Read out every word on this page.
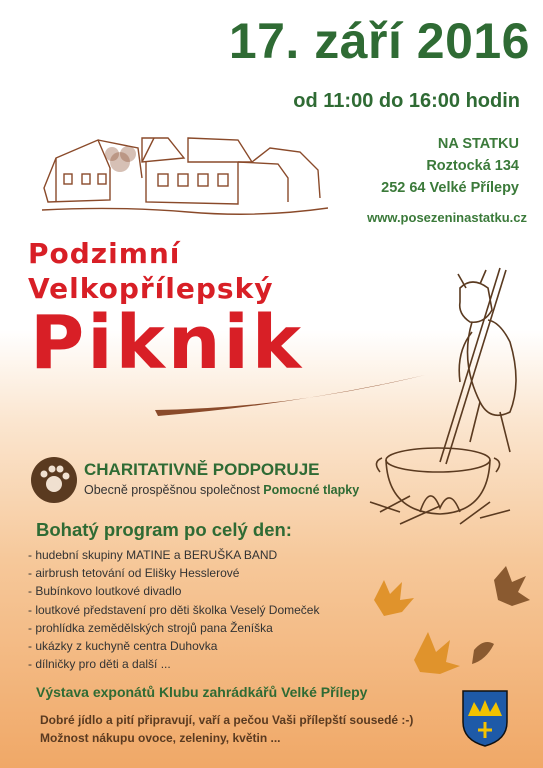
17. září 2016
od 11:00 do 16:00 hodin
NA STATKU
Roztocká 134
252 64 Velké Přílepy
www.posezeninastatku.cz
Podzimní
Velkopřílepský
Piknik
CHARITATIVNĚ PODPORUJE
Obecně prospěšnou společnost Pomocné tlapky
Bohatý program po celý den:
- hudební skupiny MATINE a BERUŠKA BAND
- airbrush tetování od Elišky Hesslerové
- Bubínkovo loutkové divadlo
- loutkové představení pro děti školka Veselý Domeček
- prohlídka zemědělských strojů pana Ženíška
- ukázky z kuchyně centra Duhovka
- dílničky pro děti a další ...
Výstava exponátů Klubu zahrádkářů Velké Přílepy
Dobré jídlo a pití připravují, vaří a pečou Vaši přílepští sousedé :-)
Možnost nákupu ovoce, zeleniny, květin ...
